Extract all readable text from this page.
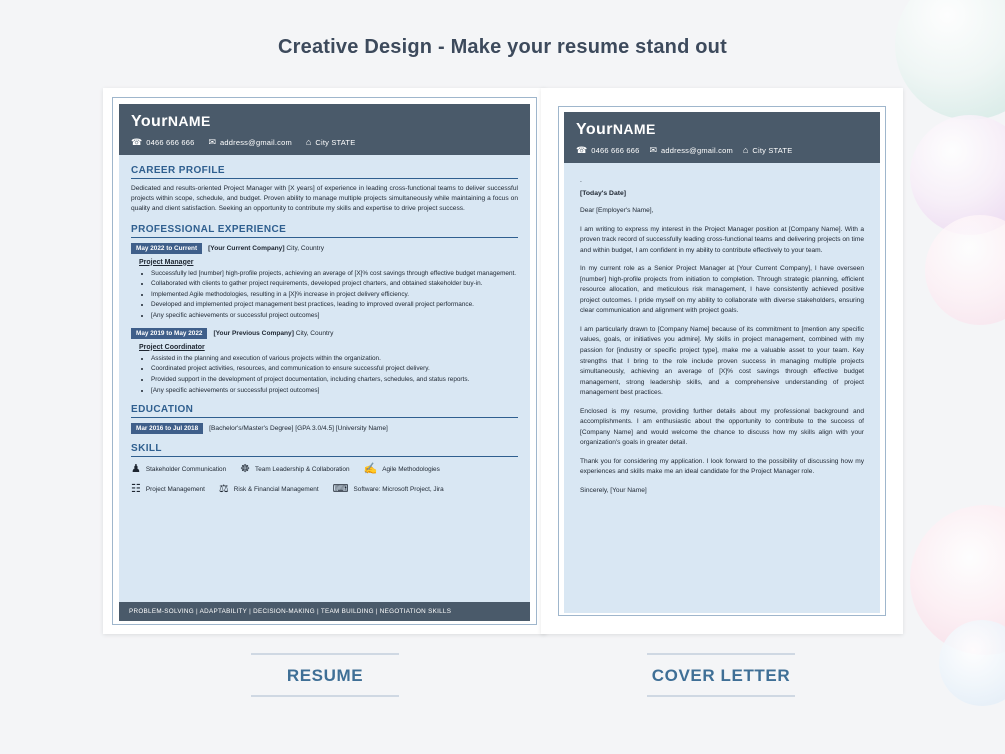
Creative Design - Make your resume stand out
YourNAME
☎ 0466 666 666 ✉ address@gmail.com ⌂ City STATE
CAREER PROFILE
Dedicated and results-oriented Project Manager with [X years] of experience in leading cross-functional teams to deliver successful projects within scope, schedule, and budget. Proven ability to manage multiple projects simultaneously while maintaining a focus on quality and client satisfaction. Seeking an opportunity to contribute my skills and expertise to drive project success.
PROFESSIONAL EXPERIENCE
May 2022 to Current	[Your Current Company] City, Country
Project Manager
• Successfully led [number] high-profile projects, achieving an average of [X]% cost savings through effective budget management.
• Collaborated with clients to gather project requirements, developed project charters, and obtained stakeholder buy-in.
• Implemented Agile methodologies, resulting in a [X]% increase in project delivery efficiency.
• Developed and implemented project management best practices, leading to improved overall project performance.
• [Any specific achievements or successful project outcomes]
May 2019 to May 2022	[Your Previous Company] City, Country
Project Coordinator
• Assisted in the planning and execution of various projects within the organization.
• Coordinated project activities, resources, and communication to ensure successful project delivery.
• Provided support in the development of project documentation, including charters, schedules, and status reports.
• [Any specific achievements or successful project outcomes]
EDUCATION
Mar 2016 to Jul 2018	[Bachelor's/Master's Degree] [GPA 3.0/4.5] [University Name]
SKILL
♟ Stakeholder Communication ☸ Team Leadership & Collaboration ✍ Agile Methodologies
☷ Project Management ⚖ Risk & Financial Management ⌨ Software: Microsoft Project, Jira
PROBLEM-SOLVING | ADAPTABILITY | DECISION-MAKING | TEAM BUILDING | NEGOTIATION SKILLS
YourNAME
☎ 0466 666 666 ✉ address@gmail.com ⌂ City STATE
.
[Today's Date]
Dear [Employer's Name],
I am writing to express my interest in the Project Manager position at [Company Name]. With a proven track record of successfully leading cross-functional teams and delivering projects on time and within budget, I am confident in my ability to contribute effectively to your team.
In my current role as a Senior Project Manager at [Your Current Company], I have overseen [number] high-profile projects from initiation to completion. Through strategic planning, efficient resource allocation, and meticulous risk management, I have consistently achieved positive project outcomes. I pride myself on my ability to collaborate with diverse stakeholders, ensuring clear communication and alignment with project goals.
I am particularly drawn to [Company Name] because of its commitment to [mention any specific values, goals, or initiatives you admire]. My skills in project management, combined with my passion for [industry or specific project type], make me a valuable asset to your team. Key strengths that I bring to the role include proven success in managing multiple projects simultaneously, achieving an average of [X]% cost savings through effective budget management, strong leadership skills, and a comprehensive understanding of project management best practices.
Enclosed is my resume, providing further details about my professional background and accomplishments. I am enthusiastic about the opportunity to contribute to the success of [Company Name] and would welcome the chance to discuss how my skills align with your organization's goals in greater detail.
Thank you for considering my application. I look forward to the possibility of discussing how my experiences and skills make me an ideal candidate for the Project Manager role.
Sincerely, [Your Name]
RESUME	COVER LETTER
